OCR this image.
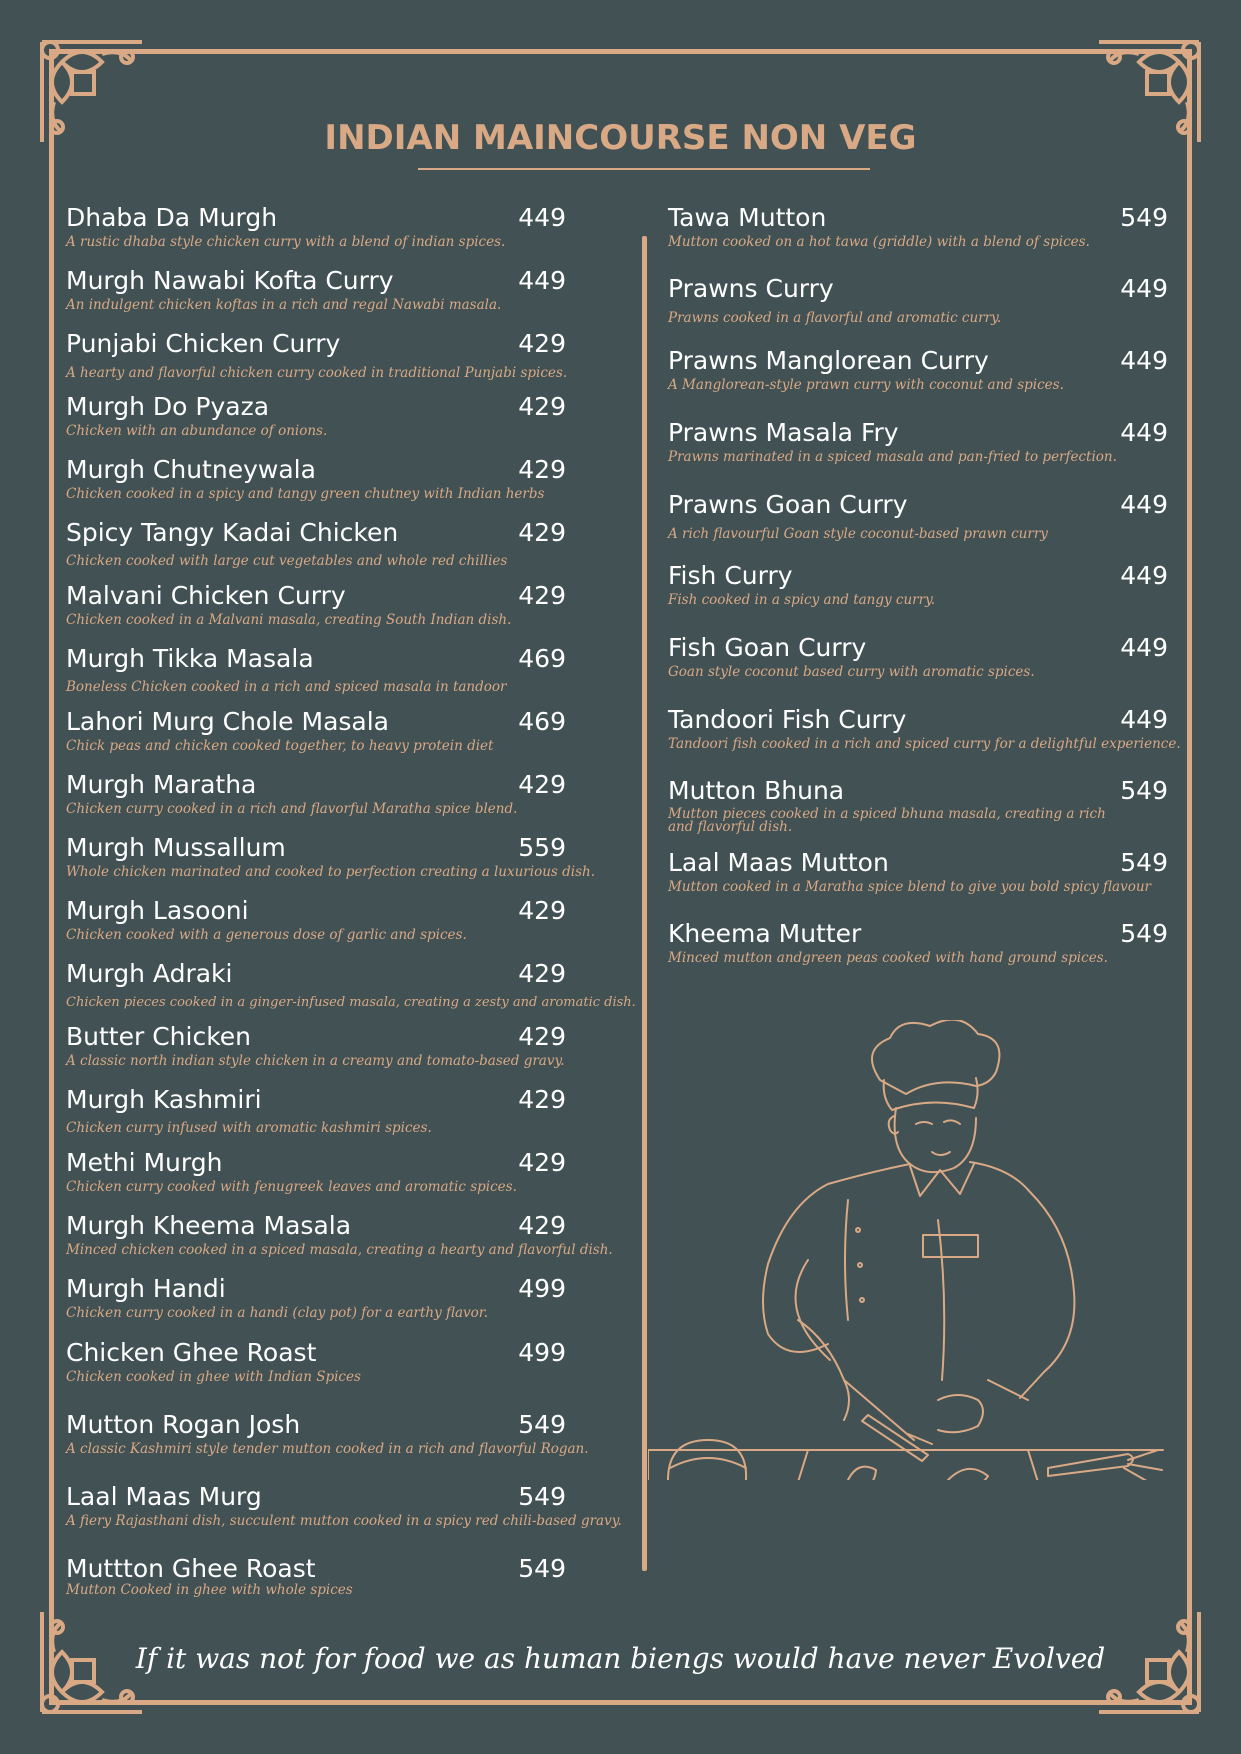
INDIAN MAINCOURSE NON VEG
Dhaba Da Murgh	449
A rustic dhaba style chicken curry with a blend of indian spices.
Murgh Nawabi Kofta Curry	449
An indulgent chicken koftas in a rich and regal Nawabi masala.
Punjabi Chicken Curry	429
A hearty and flavorful chicken curry cooked in traditional Punjabi spices.
Murgh Do Pyaza	429
Chicken with an abundance of onions.
Murgh Chutneywala	429
Chicken cooked in a spicy and tangy green chutney with Indian herbs
Spicy Tangy Kadai Chicken	429
Chicken cooked with large cut vegetables and whole red chillies
Malvani Chicken Curry	429
Chicken cooked in a Malvani masala, creating South Indian dish.
Murgh Tikka Masala	469
Boneless Chicken cooked in a rich and spiced masala in tandoor
Lahori Murg Chole Masala	469
Chick peas and chicken cooked together, to heavy protein diet
Murgh Maratha	429
Chicken curry cooked in a rich and flavorful Maratha spice blend.
Murgh Mussallum	559
Whole chicken marinated and cooked to perfection creating a luxurious dish.
Murgh Lasooni	429
Chicken cooked with a generous dose of garlic and spices.
Murgh Adraki	429
Chicken pieces cooked in a ginger-infused masala, creating a zesty and aromatic dish.
Butter Chicken	429
A classic north indian style chicken in a creamy and tomato-based gravy.
Murgh Kashmiri	429
Chicken curry infused with aromatic kashmiri spices.
Methi Murgh	429
Chicken curry cooked with fenugreek leaves and aromatic spices.
Murgh Kheema Masala	429
Minced chicken cooked in a spiced masala, creating a hearty and flavorful dish.
Murgh Handi	499
Chicken curry cooked in a handi (clay pot) for a earthy flavor.
Chicken Ghee Roast	499
Chicken cooked in ghee with Indian Spices
Mutton Rogan Josh	549
A classic Kashmiri style tender mutton cooked in a rich and flavorful Rogan.
Laal Maas Murg	549
A fiery Rajasthani dish, succulent mutton cooked in a spicy red chili-based gravy.
Muttton Ghee Roast	549
Mutton Cooked in ghee with whole spices
Tawa Mutton	549
Mutton cooked on a hot tawa (griddle) with a blend of spices.
Prawns Curry	449
Prawns cooked in a flavorful and aromatic curry.
Prawns Manglorean Curry	449
A Manglorean-style prawn curry with coconut and spices.
Prawns Masala Fry	449
Prawns marinated in a spiced masala and pan-fried to perfection.
Prawns Goan Curry	449
A rich flavourful Goan style coconut-based prawn curry
Fish Curry	449
Fish cooked in a spicy and tangy curry.
Fish Goan Curry	449
Goan style coconut based curry with aromatic spices.
Tandoori Fish Curry	449
Tandoori fish cooked in a rich and spiced curry for a delightful experience.
Mutton Bhuna	549
Mutton pieces cooked in a spiced bhuna masala, creating a rich and flavorful dish.
Laal Maas Mutton	549
Mutton cooked in a Maratha spice blend to give you bold spicy flavour
Kheema Mutter	549
Minced mutton andgreen peas cooked with hand ground spices.
If it was not for food we as human biengs would have never Evolved
